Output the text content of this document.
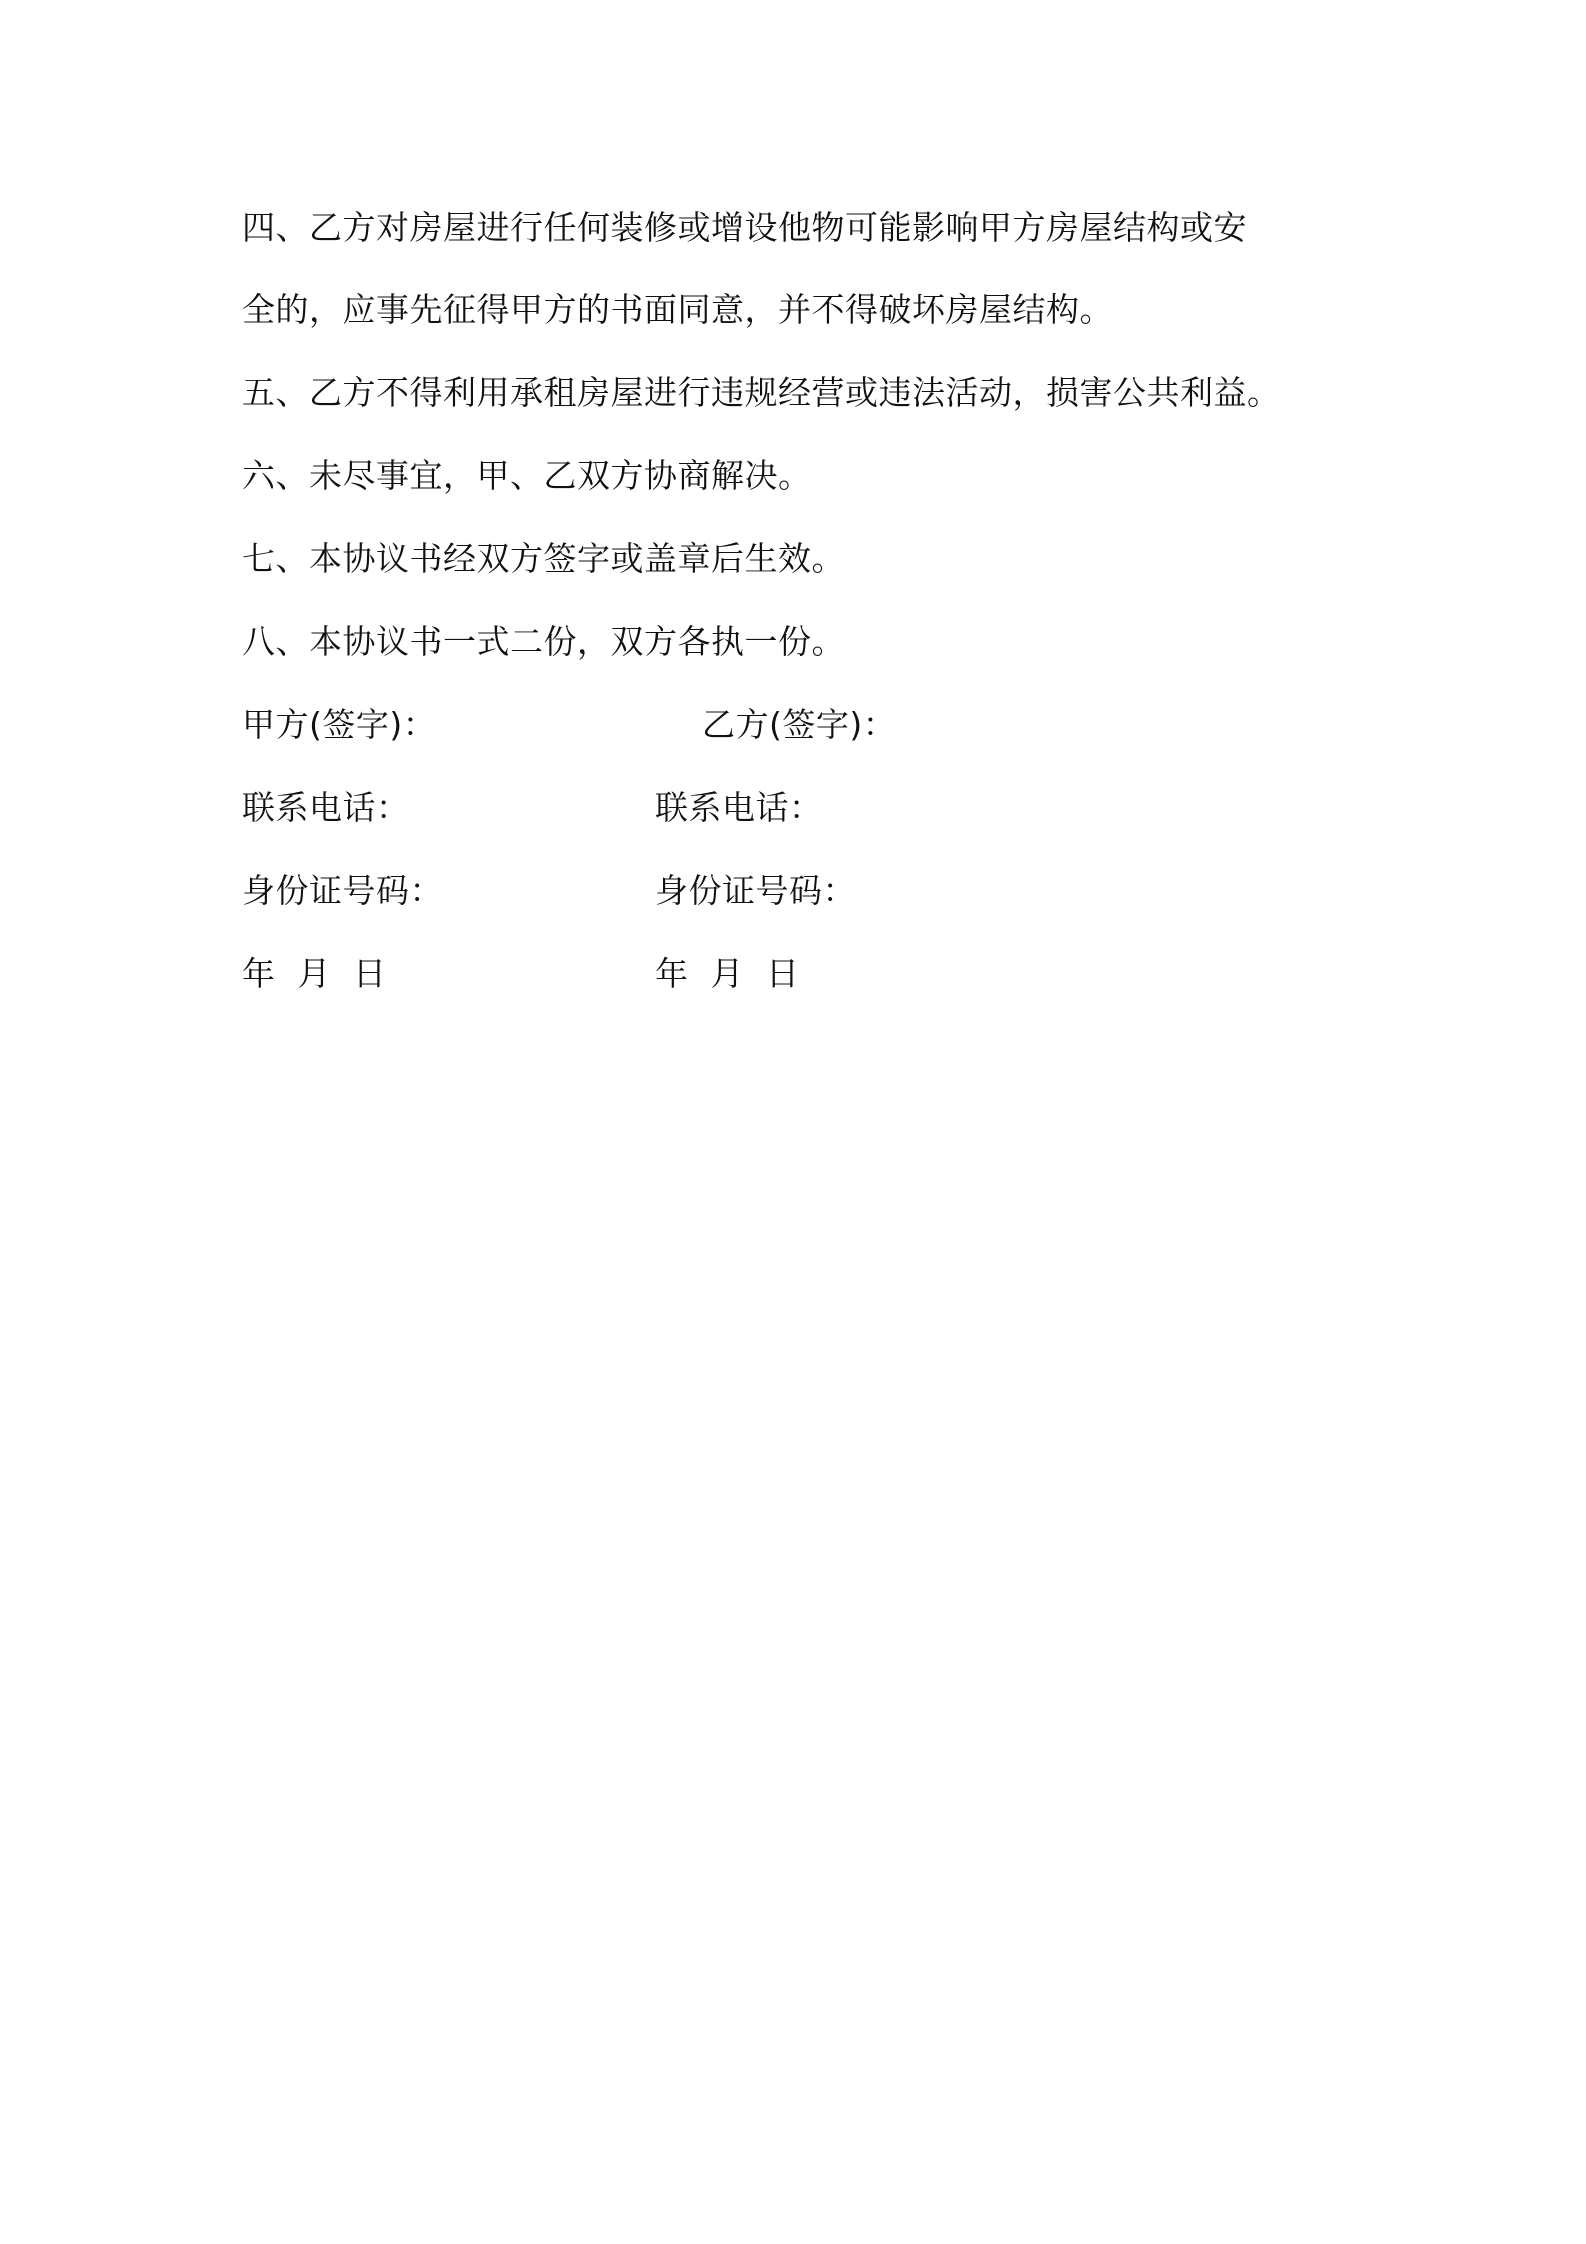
四、乙方对房屋进行任何装修或增设他物可能影响甲方房屋结构或安
全的，应事先征得甲方的书面同意，并不得破坏房屋结构。
五、乙方不得利用承租房屋进行违规经营或违法活动，损害公共利益。
六、未尽事宜，甲、乙双方协商解决。
七、本协议书经双方签字或盖章后生效。
八、本协议书一式二份，双方各执一份。
甲方(签字)：	乙方(签字)：
联系电话：	联系电话：
身份证号码：	身份证号码：
年 月 日	年 月 日
